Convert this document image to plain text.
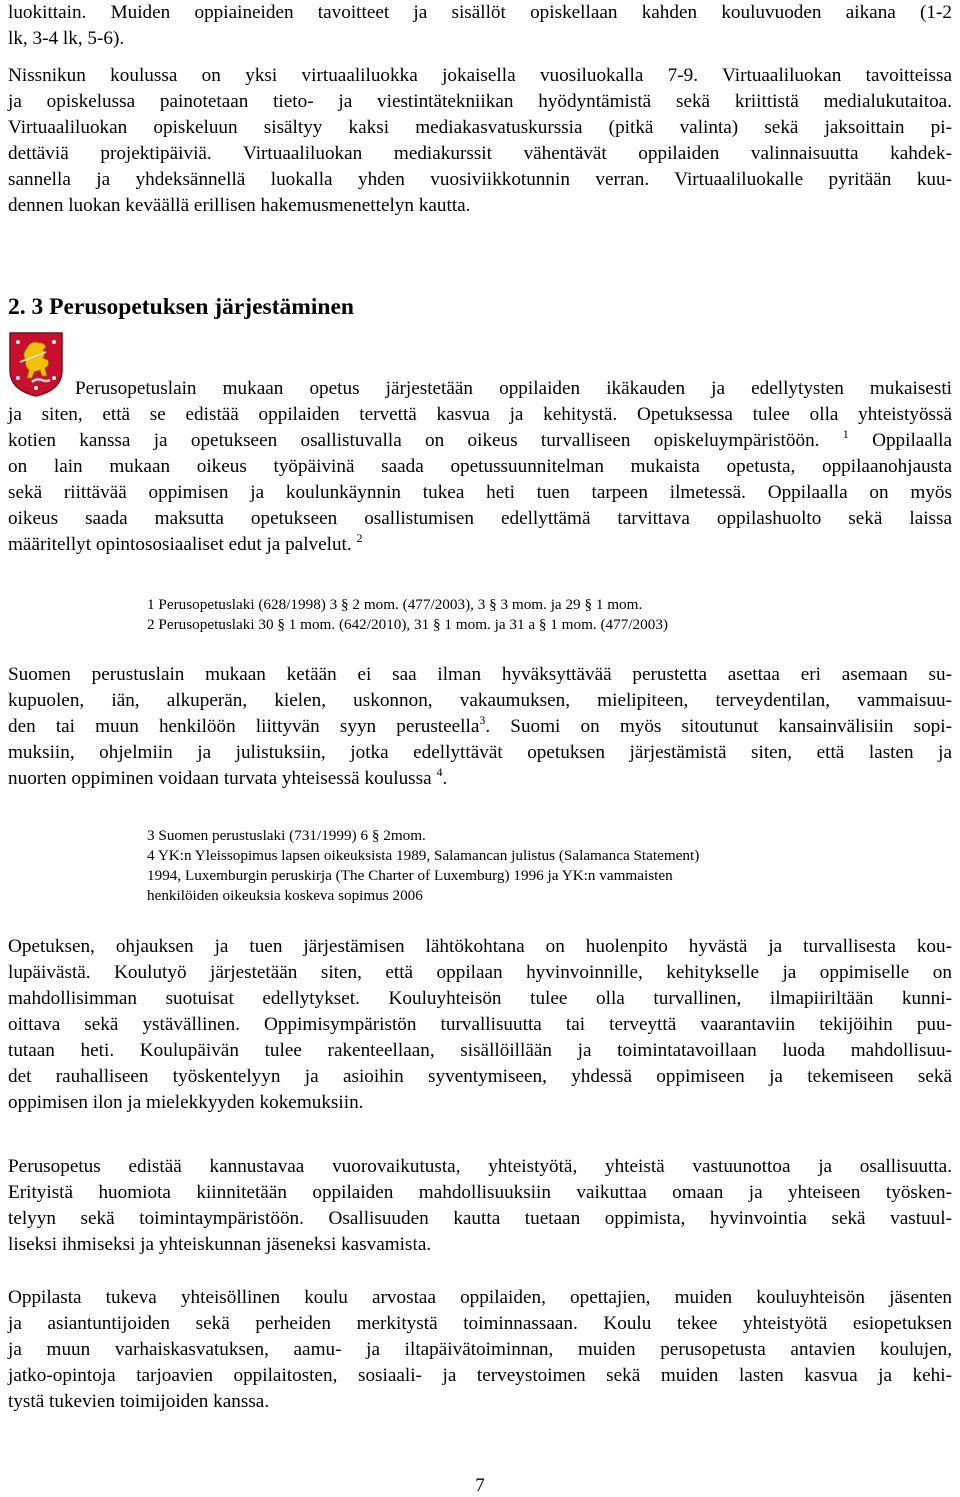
luokittain. Muiden oppiaineiden tavoitteet ja sisällöt opiskellaan kahden kouluvuoden aikana (1-2
lk, 3-4 lk, 5-6).
Nissnikun koulussa on yksi virtuaaliluokka jokaisella vuosiluokalla 7-9. Virtuaaliluokan tavoitteissa
ja opiskelussa painotetaan tieto- ja viestintätekniikan hyödyntämistä sekä kriittistä medialukutaitoa.
Virtuaaliluokan opiskeluun sisältyy kaksi mediakasvatuskurssia (pitkä valinta) sekä jaksoittain pi-
dettäviä projektipäiviä. Virtuaaliluokan mediakurssit vähentävät oppilaiden valinnaisuutta kahdek-
sannella ja yhdeksännellä luokalla yhden vuosiviikkotunnin verran. Virtuaaliluokalle pyritään kuu-
dennen luokan keväällä erillisen hakemusmenettelyn kautta.
2. 3 Perusopetuksen järjestäminen
Perusopetuslain mukaan opetus järjestetään oppilaiden ikäkauden ja edellytysten mukaisesti
ja siten, että se edistää oppilaiden tervettä kasvua ja kehitystä. Opetuksessa tulee olla yhteistyössä
kotien kanssa ja opetukseen osallistuvalla on oikeus turvalliseen opiskeluympäristöön. $^1$ Oppilaalla
on lain mukaan oikeus työpäivinä saada opetussuunnitelman mukaista opetusta, oppilaanohjausta
sekä riittävää oppimisen ja koulunkäynnin tukea heti tuen tarpeen ilmetessä. Oppilaalla on myös
oikeus saada maksutta opetukseen osallistumisen edellyttämä tarvittava oppilashuolto sekä laissa
määritellyt opintososiaaliset edut ja palvelut. $^2$
1 Perusopetuslaki (628/1998) 3 § 2 mom. (477/2003), 3 § 3 mom. ja 29 § 1 mom.
2 Perusopetuslaki 30 § 1 mom. (642/2010), 31 § 1 mom. ja 31 a § 1 mom. (477/2003)
Suomen perustuslain mukaan ketään ei saa ilman hyväksyttävää perustetta asettaa eri asemaan su-
kupuolen, iän, alkuperän, kielen, uskonnon, vakaumuksen, mielipiteen, terveydentilan, vammaisuu-
den tai muun henkilöön liittyvän syyn perusteella$^3$. Suomi on myös sitoutunut kansainvälisiin sopi-
muksiin, ohjelmiin ja julistuksiin, jotka edellyttävät opetuksen järjestämistä siten, että lasten ja
nuorten oppiminen voidaan turvata yhteisessä koulussa $^4$.
3 Suomen perustuslaki (731/1999) 6 § 2mom.
4 YK:n Yleissopimus lapsen oikeuksista 1989, Salamancan julistus (Salamanca Statement)
1994, Luxemburgin peruskirja (The Charter of Luxemburg) 1996 ja YK:n vammaisten
henkilöiden oikeuksia koskeva sopimus 2006
Opetuksen, ohjauksen ja tuen järjestämisen lähtökohtana on huolenpito hyvästä ja turvallisesta kou-
lupäivästä. Koulutyö järjestetään siten, että oppilaan hyvinvoinnille, kehitykselle ja oppimiselle on
mahdollisimman suotuisat edellytykset. Kouluyhteisön tulee olla turvallinen, ilmapiiriltään kunni-
oittava sekä ystävällinen. Oppimisympäristön turvallisuutta tai terveyttä vaarantaviin tekijöihin puu-
tutaan heti. Koulupäivän tulee rakenteellaan, sisällöillään ja toimintatavoillaan luoda mahdollisuu-
det rauhalliseen työskentelyyn ja asioihin syventymiseen, yhdessä oppimiseen ja tekemiseen sekä
oppimisen ilon ja mielekkyyden kokemuksiin.
Perusopetus edistää kannustavaa vuorovaikutusta, yhteistyötä, yhteistä vastuunottoa ja osallisuutta.
Erityistä huomiota kiinnitetään oppilaiden mahdollisuuksiin vaikuttaa omaan ja yhteiseen työsken-
telyyn sekä toimintaympäristöön. Osallisuuden kautta tuetaan oppimista, hyvinvointia sekä vastuul-
liseksi ihmiseksi ja yhteiskunnan jäseneksi kasvamista.
Oppilasta tukeva yhteisöllinen koulu arvostaa oppilaiden, opettajien, muiden kouluyhteisön jäsenten
ja asiantuntijoiden sekä perheiden merkitystä toiminnassaan. Koulu tekee yhteistyötä esiopetuksen
ja muun varhaiskasvatuksen, aamu- ja iltapäivätoiminnan, muiden perusopetusta antavien koulujen,
jatko-opintoja tarjoavien oppilaitosten, sosiaali- ja terveystoimen sekä muiden lasten kasvua ja kehi-
tystä tukevien toimijoiden kanssa.
7
